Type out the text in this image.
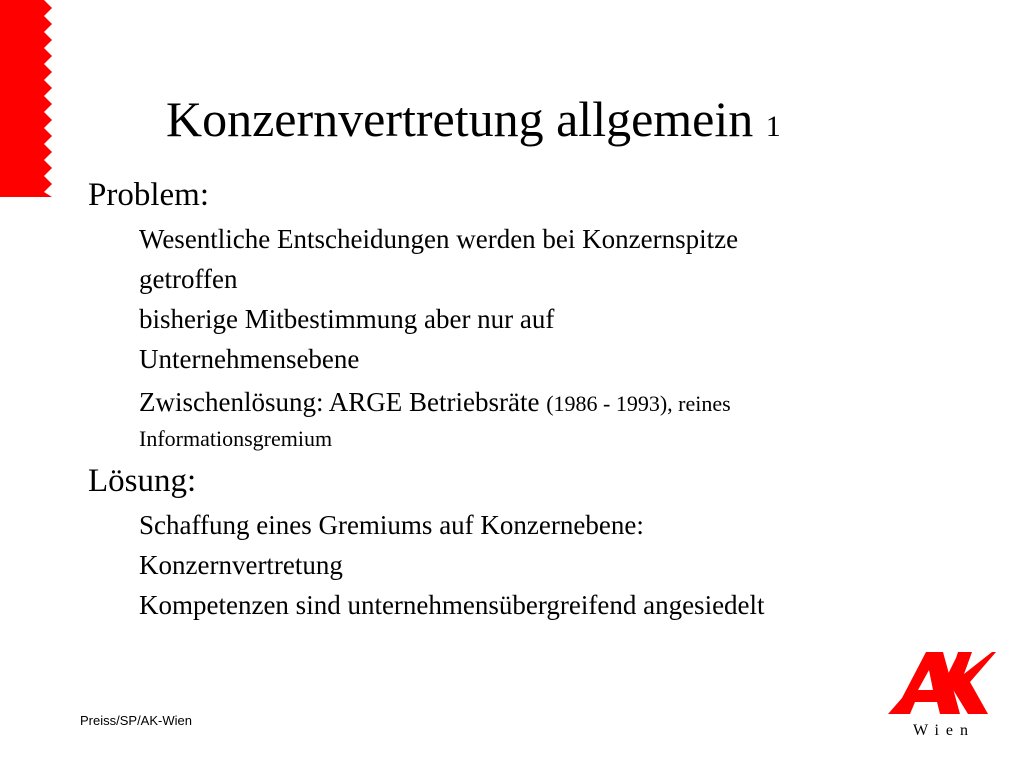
Konzernvertretung allgemein 1
Problem:
Wesentliche Entscheidungen werden bei Konzernspitze
getroffen
bisherige Mitbestimmung aber nur auf
Unternehmensebene
Zwischenlösung: ARGE Betriebsräte (1986 - 1993), reines
Informationsgremium
Lösung:
Schaffung eines Gremiums auf Konzernebene:
Konzernvertretung
Kompetenzen sind unternehmensübergreifend angesiedelt
Preiss/SP/AK-Wien
Wien
